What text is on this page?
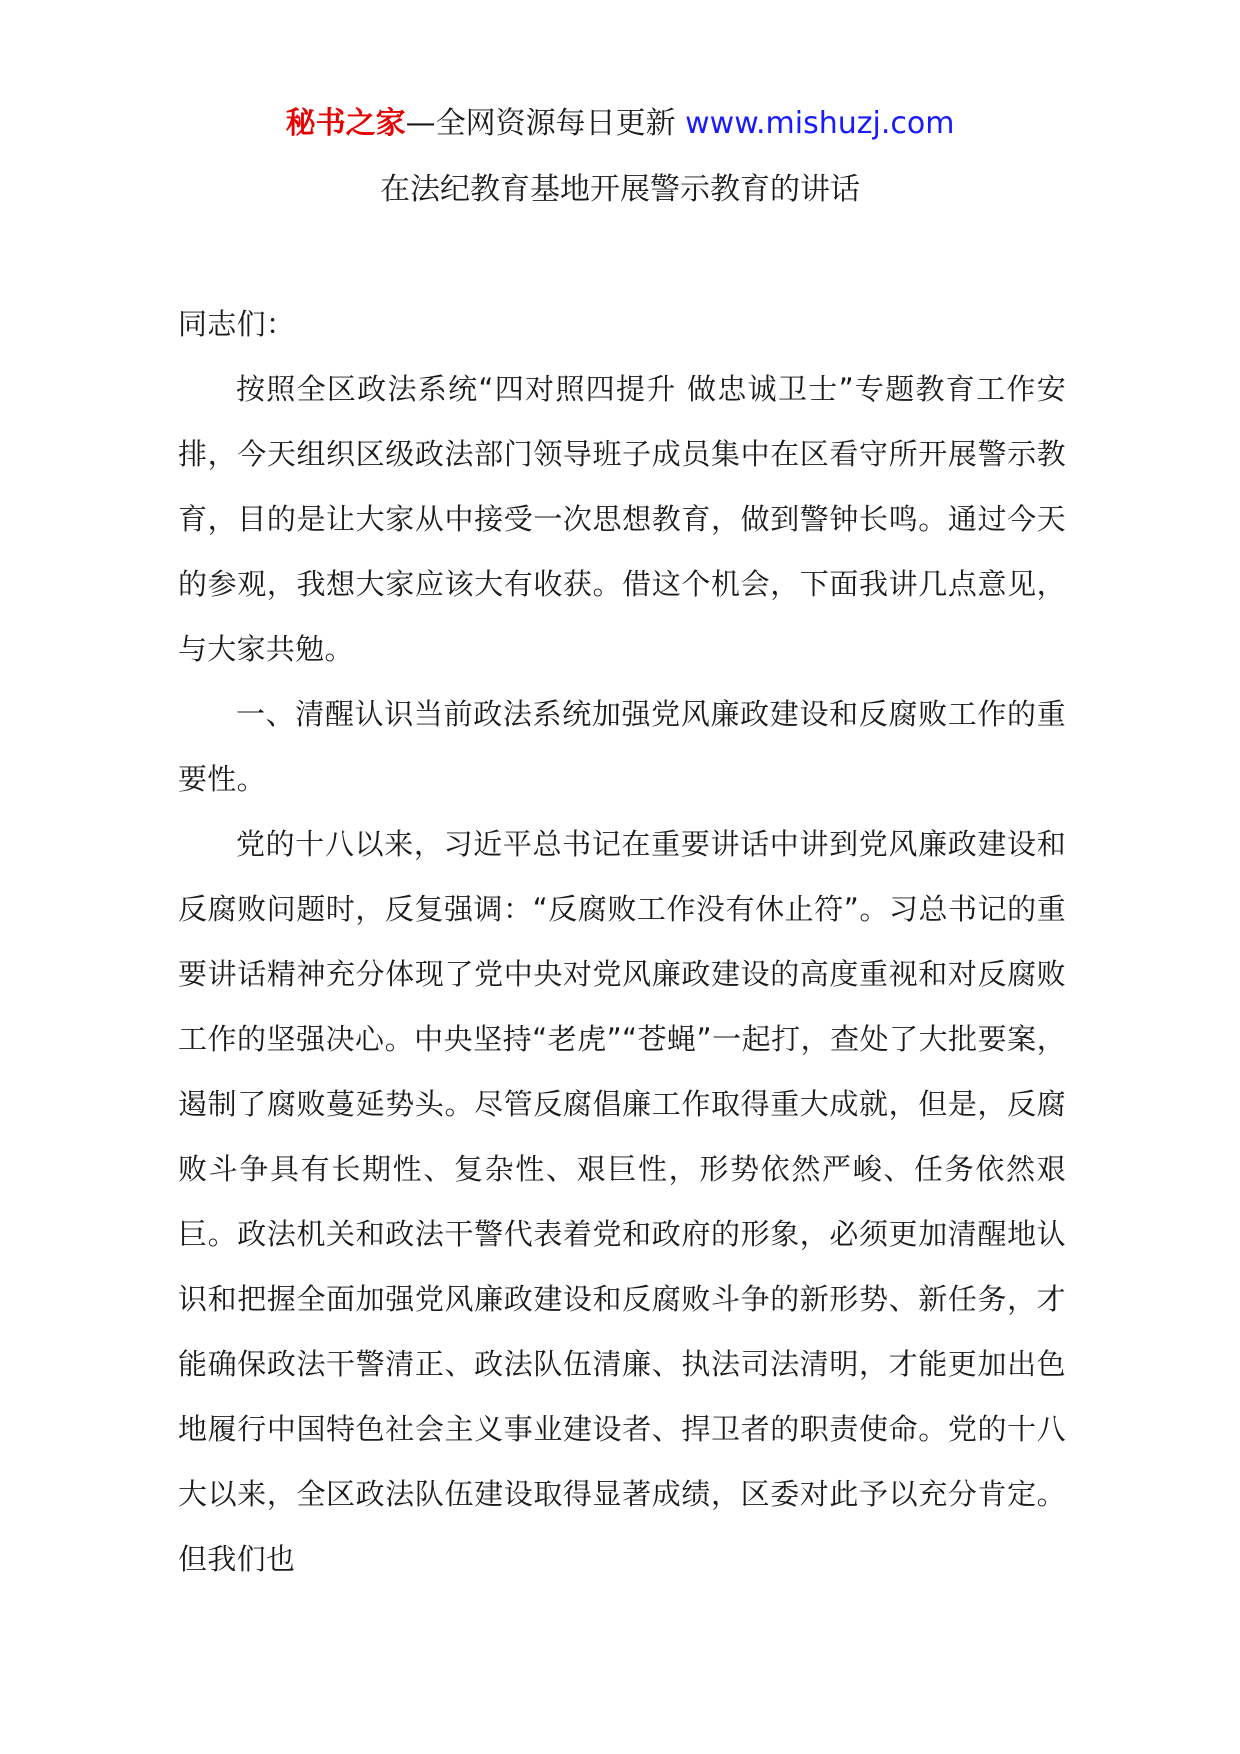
秘书之家—全网资源每日更新 www.mishuzj.com
在法纪教育基地开展警示教育的讲话

同志们：

按照全区政法系统“四对照四提升 做忠诚卫士”专题教育工作安排，今天组织区级政法部门领导班子成员集中在区看守所开展警示教育，目的是让大家从中接受一次思想教育，做到警钟长鸣。通过今天的参观，我想大家应该大有收获。借这个机会，下面我讲几点意见，与大家共勉。

一、清醒认识当前政法系统加强党风廉政建设和反腐败工作的重要性。

党的十八以来，习近平总书记在重要讲话中讲到党风廉政建设和反腐败问题时，反复强调：“反腐败工作没有休止符”。习总书记的重要讲话精神充分体现了党中央对党风廉政建设的高度重视和对反腐败工作的坚强决心。中央坚持“老虎”“苍蝇”一起打，查处了大批要案，遏制了腐败蔓延势头。尽管反腐倡廉工作取得重大成就，但是，反腐败斗争具有长期性、复杂性、艰巨性，形势依然严峻、任务依然艰巨。政法机关和政法干警代表着党和政府的形象，必须更加清醒地认识和把握全面加强党风廉政建设和反腐败斗争的新形势、新任务，才能确保政法干警清正、政法队伍清廉、执法司法清明，才能更加出色地履行中国特色社会主义事业建设者、捍卫者的职责使命。党的十八大以来，全区政法队伍建设取得显著成绩，区委对此予以充分肯定。但我们也
